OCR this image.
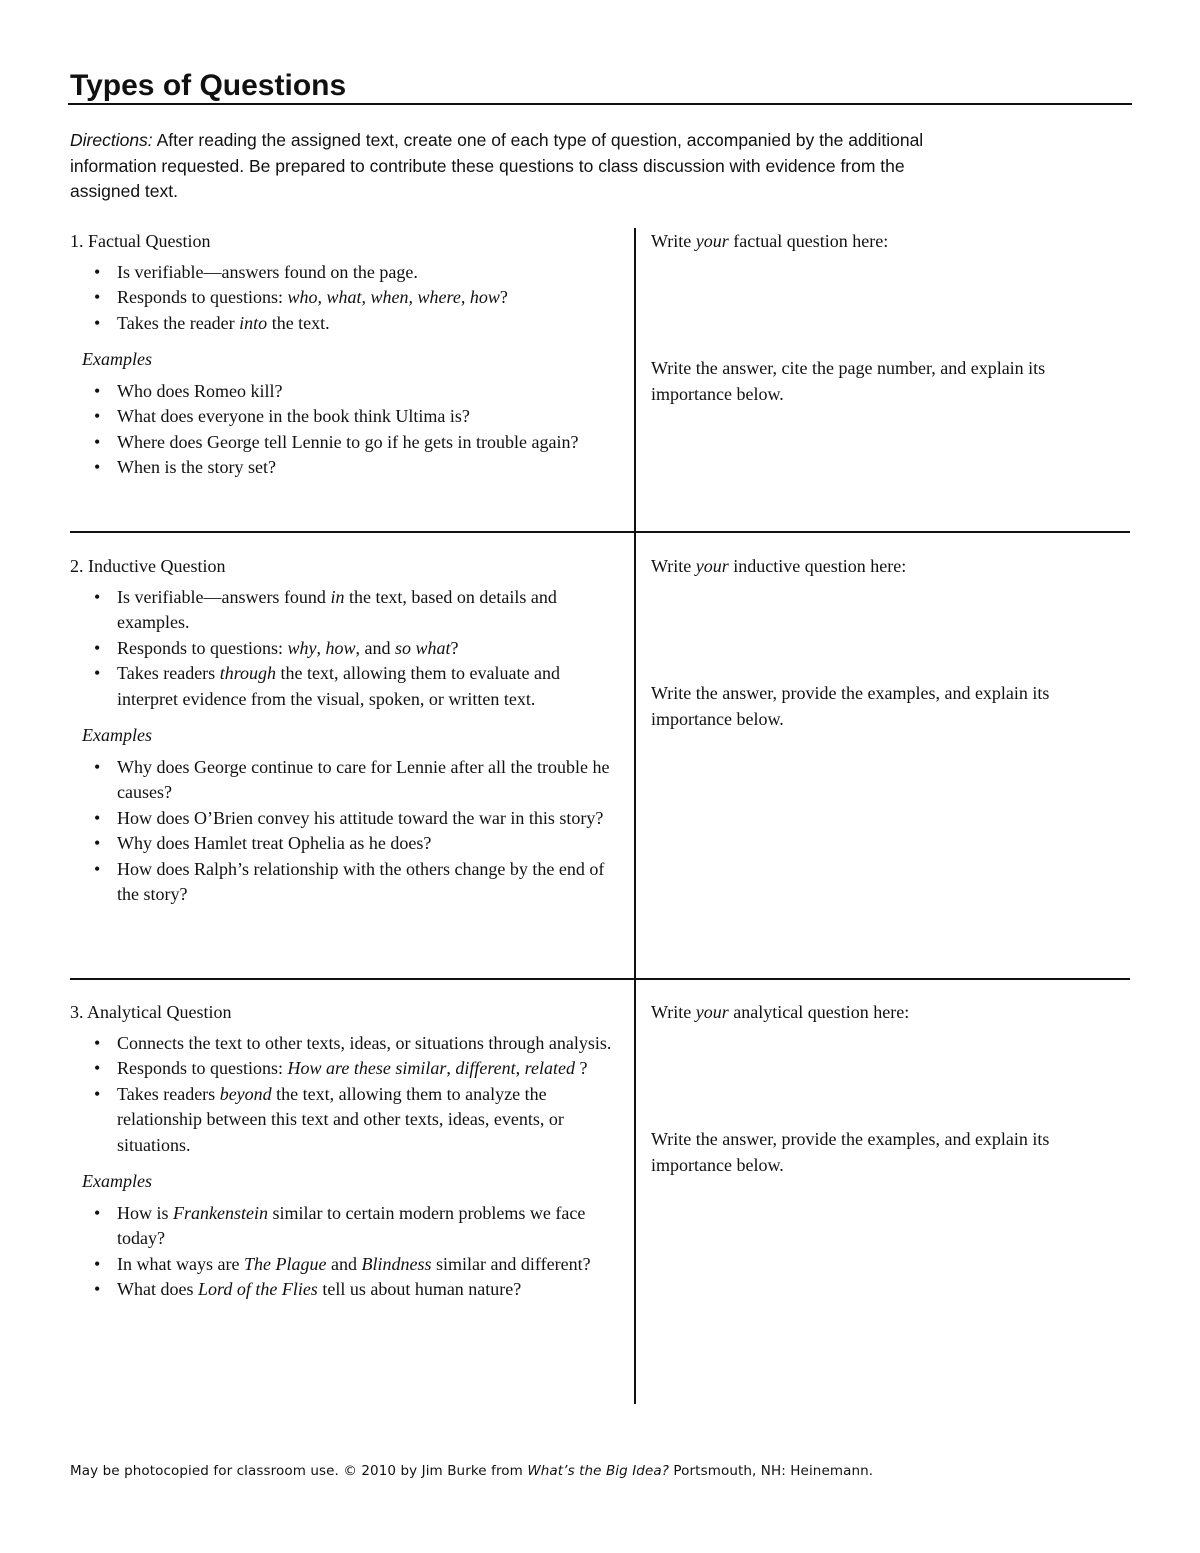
Types of Questions

Directions: After reading the assigned text, create one of each type of question, accompanied by the additional information requested. Be prepared to contribute these questions to class discussion with evidence from the assigned text.

1. Factual Question
• Is verifiable—answers found on the page.
• Responds to questions: who, what, when, where, how?
• Takes the reader into the text.
Examples
• Who does Romeo kill?
• What does everyone in the book think Ultima is?
• Where does George tell Lennie to go if he gets in trouble again?
• When is the story set?

Write your factual question here:

Write the answer, cite the page number, and explain its importance below.

2. Inductive Question
• Is verifiable—answers found in the text, based on details and examples.
• Responds to questions: why, how, and so what?
• Takes readers through the text, allowing them to evaluate and interpret evidence from the visual, spoken, or written text.
Examples
• Why does George continue to care for Lennie after all the trouble he causes?
• How does O’Brien convey his attitude toward the war in this story?
• Why does Hamlet treat Ophelia as he does?
• How does Ralph’s relationship with the others change by the end of the story?

Write your inductive question here:

Write the answer, provide the examples, and explain its importance below.

3. Analytical Question
• Connects the text to other texts, ideas, or situations through analysis.
• Responds to questions: How are these similar, different, related ?
• Takes readers beyond the text, allowing them to analyze the relationship between this text and other texts, ideas, events, or situations.
Examples
• How is Frankenstein similar to certain modern problems we face today?
• In what ways are The Plague and Blindness similar and different?
• What does Lord of the Flies tell us about human nature?

Write your analytical question here:

Write the answer, provide the examples, and explain its importance below.

May be photocopied for classroom use. © 2010 by Jim Burke from What’s the Big Idea? Portsmouth, NH: Heinemann.
